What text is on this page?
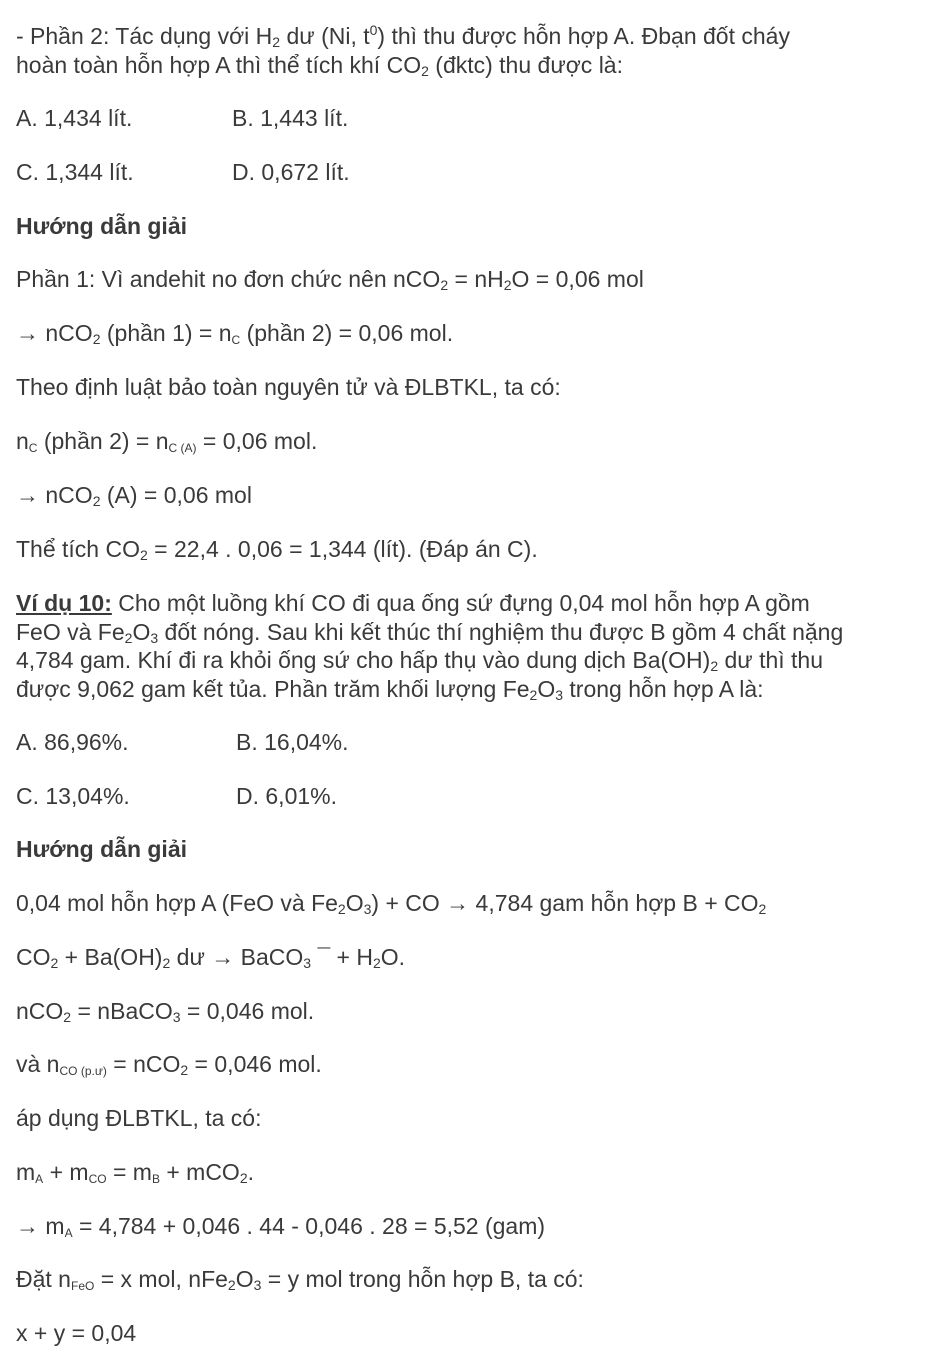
- Phần 2: Tác dụng với $H_2$ dư (Ni, $t^0$) thì thu được hỗn hợp A. Đbạn đốt cháy
hoàn toàn hỗn hợp A thì thể tích khí $CO_2$ (đktc) thu được là:
A. 1,434 lít.	B. 1,443 lít.
C. 1,344 lít.	D. 0,672 lít.
Hướng dẫn giải
Phần 1: Vì andehit no đơn chức nên $nCO_2 = nH_2O = 0,06$ mol
→ nCO$_2$ (phần 1) = nC (phần 2) = 0,06 mol.
Theo định luật bảo toàn nguyên tử và ĐLBTKL, ta có:
nC (phần 2) = nC (A) = 0,06 mol.
→ nCO$_2$ (A) = 0,06 mol
Thể tích $CO_2 = 22,4$ . 0,06 = 1,344 (lít). (Đáp án C).
Ví dụ 10: Cho một luồng khí CO đi qua ống sứ đựng 0,04 mol hỗn hợp A gồm
FeO và $Fe_2O_3$ đốt nóng. Sau khi kết thúc thí nghiệm thu được B gồm 4 chất nặng
4,784 gam. Khí đi ra khỏi ống sứ cho hấp thụ vào dung dịch $Ba(OH)_2$ dư thì thu
được 9,062 gam kết tủa. Phần trăm khối lượng $Fe_2O_3$ trong hỗn hợp A là:
A. 86,96%.	B. 16,04%.
C. 13,04%.	D. 6,01%.
Hướng dẫn giải
0,04 mol hỗn hợp A (FeO và $Fe_2O_3$) + CO → 4,784 gam hỗn hợp $B + CO_2$
$CO_2 + Ba(OH)_2$ dư → BaCO$_3$ ¯ + $H_2O$.
nCO$_2$ = nBaCO$_3$ = 0,046 mol.
và nCO (p.ư) = nCO$_2$ = 0,046 mol.
áp dụng ĐLBTKL, ta có:
mA + mCO = mB + mCO$_2$.
→ mA = 4,784 + 0,046 . 44 - 0,046 . 28 = 5,52 (gam)
Đặt nFeO = x mol, $nFe_2O_3 = y$ mol trong hỗn hợp B, ta có:
x + y = 0,04
